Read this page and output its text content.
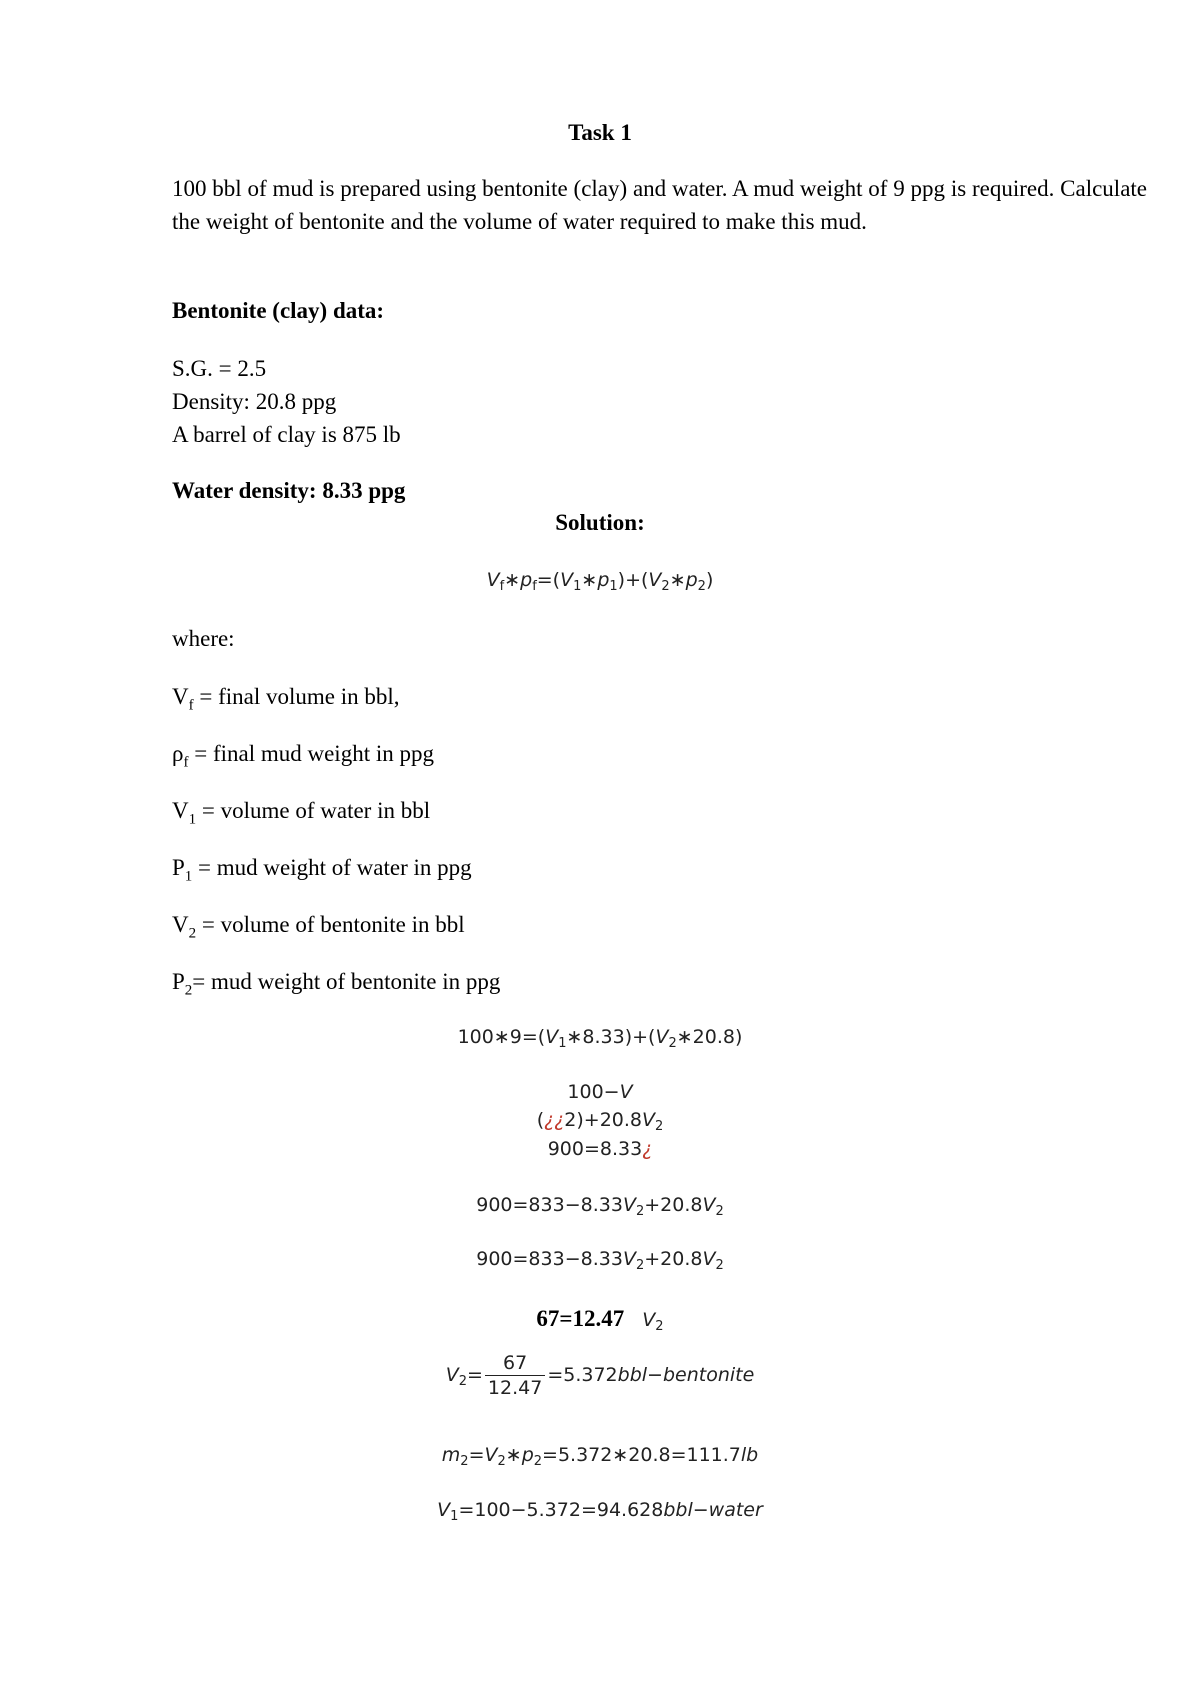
Task 1
100 bbl of mud is prepared using bentonite (clay) and water. A mud weight of 9 ppg is required. Calculate the weight of bentonite and the volume of water required to make this mud.
Bentonite (clay) data:
S.G. = 2.5
Density: 20.8 ppg
A barrel of clay is 875 lb
Water density: 8.33 ppg
Solution:
$V_f∗p_f=(V_1∗p_1)+(V_2∗p_2)$
where:
$V_f$ = final volume in bbl,
$\rho_f$ = final mud weight in ppg
$V_1$ = volume of water in bbl
$P_1$ = mud weight of water in ppg
$V_2$ = volume of bentonite in bbl
$P_2=$ mud weight of bentonite in ppg
$100∗9=(V_1∗8.33)+(V_2∗20.8)$
100−V
$(¿¿2)+20.8V_2$
900=8.33¿
$900=833-8.33V_2+20.8V_2$
$900=833-8.33V_2+20.8V_2$
67=12.47 $V_2$
$V_2= \frac{67}{12.47}$ =5.372bbl−bentonite
$m_2=V_2∗p_2=5.372∗20.8=111.7lb$
$V_1=100-5.372=94.628bbl-water$
